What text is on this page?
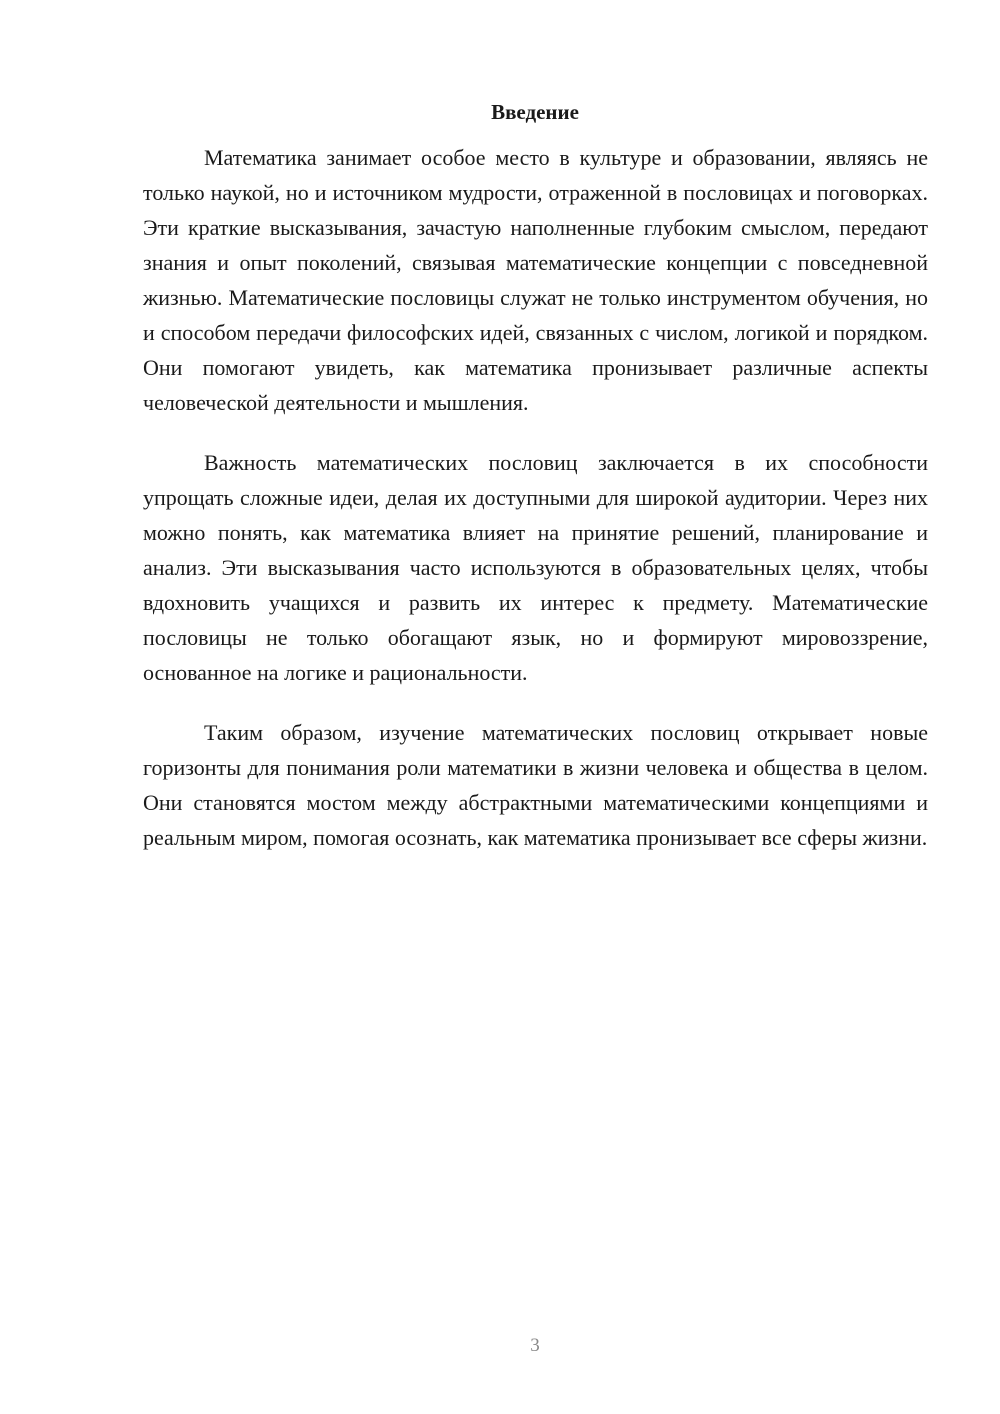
Введение

Математика занимает особое место в культуре и образовании, являясь не только наукой, но и источником мудрости, отраженной в пословицах и поговорках. Эти краткие высказывания, зачастую наполненные глубоким смыслом, передают знания и опыт поколений, связывая математические концепции с повседневной жизнью. Математические пословицы служат не только инструментом обучения, но и способом передачи философских идей, связанных с числом, логикой и порядком. Они помогают увидеть, как математика пронизывает различные аспекты человеческой деятельности и мышления.

Важность математических пословиц заключается в их способности упрощать сложные идеи, делая их доступными для широкой аудитории. Через них можно понять, как математика влияет на принятие решений, планирование и анализ. Эти высказывания часто используются в образовательных целях, чтобы вдохновить учащихся и развить их интерес к предмету. Математические пословицы не только обогащают язык, но и формируют мировоззрение, основанное на логике и рациональности.

Таким образом, изучение математических пословиц открывает новые горизонты для понимания роли математики в жизни человека и общества в целом. Они становятся мостом между абстрактными математическими концепциями и реальным миром, помогая осознать, как математика пронизывает все сферы жизни.

3
